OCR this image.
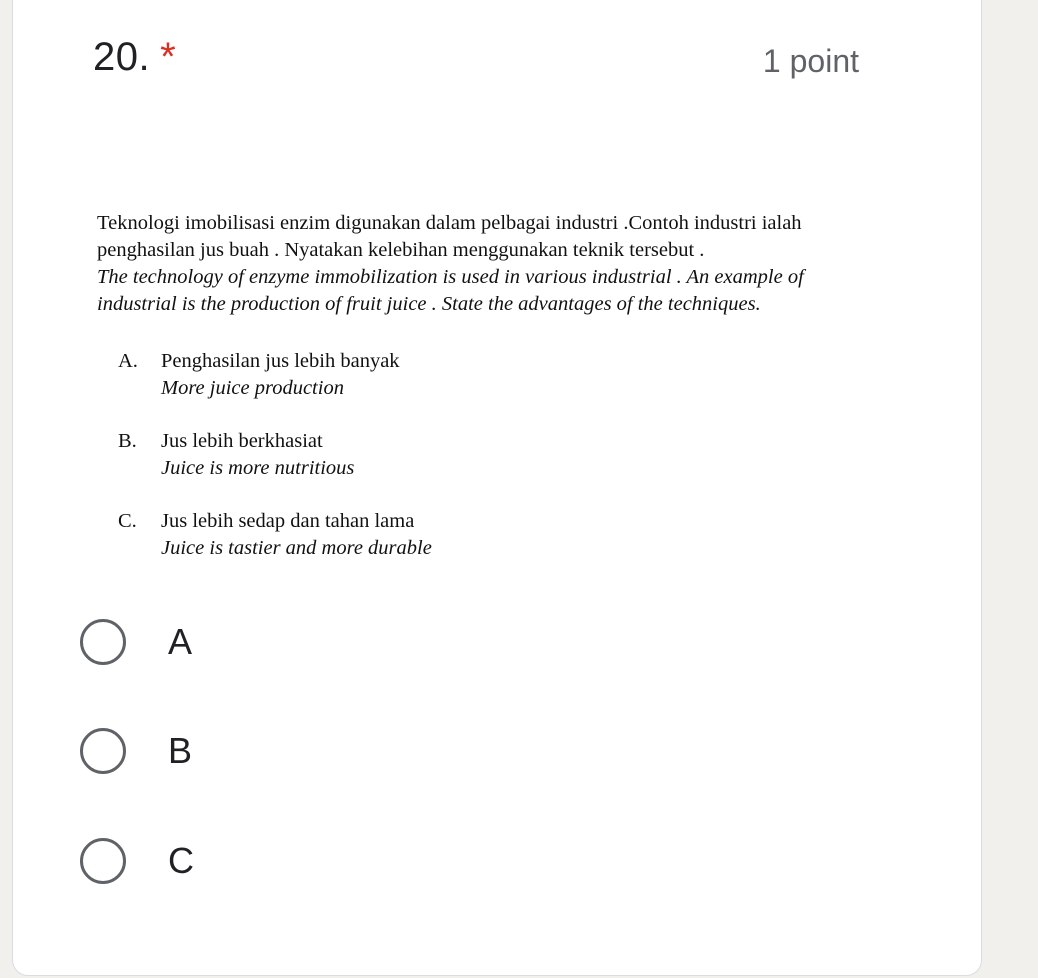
20. *	1 point

Teknologi imobilisasi enzim digunakan dalam pelbagai industri .Contoh industri ialah

penghasilan jus buah . Nyatakan kelebihan menggunakan teknik tersebut .

The technology of enzyme immobilization is used in various industrial . An example of

industrial is the production of fruit juice . State the advantages of the techniques.

A.	Penghasilan jus lebih banyak

More juice production

B.	Jus lebih berkhasiat

Juice is more nutritious

C.	Jus lebih sedap dan tahan lama

Juice is tastier and more durable

A
B
C
